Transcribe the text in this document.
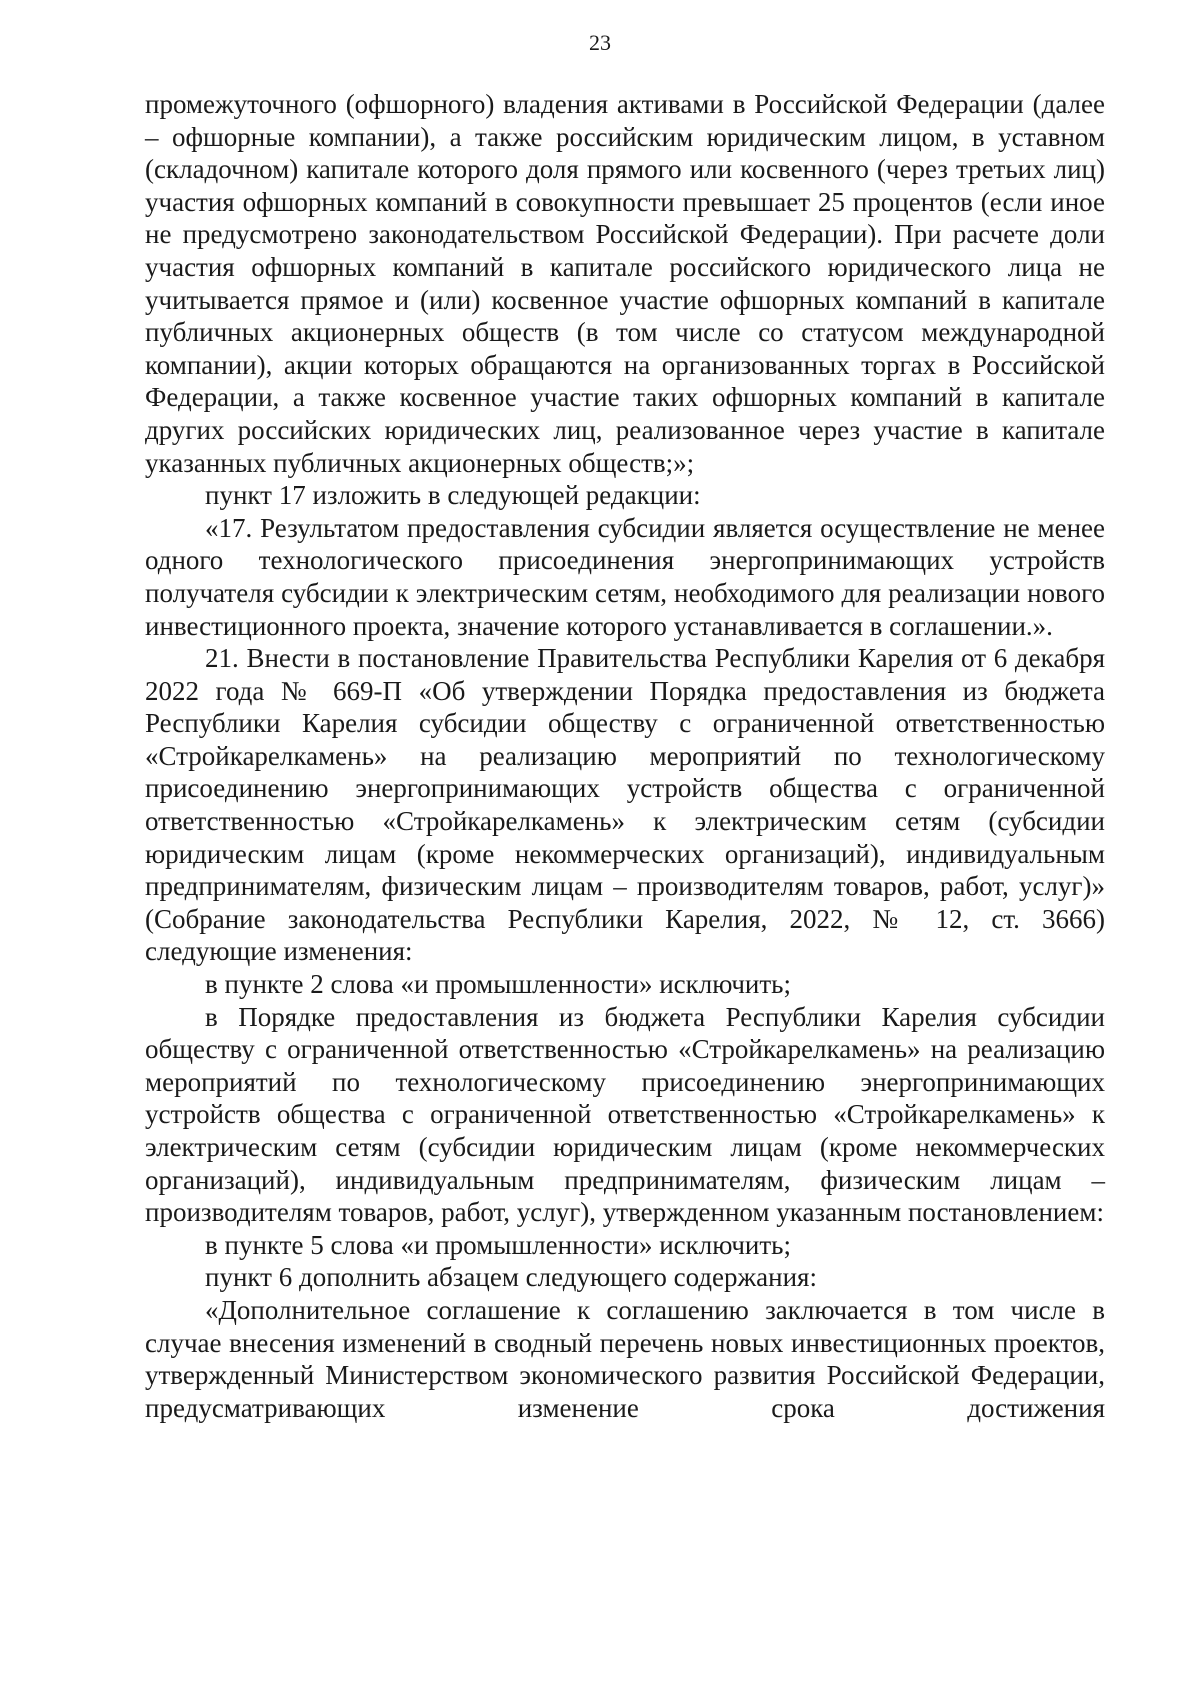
23

промежуточного (офшорного) владения активами в Российской Федерации (далее – офшорные компании), а также российским юридическим лицом, в уставном (складочном) капитале которого доля прямого или косвенного (через третьих лиц) участия офшорных компаний в совокупности превышает 25 процентов (если иное не предусмотрено законодательством Российской Федерации). При расчете доли участия офшорных компаний в капитале российского юридического лица не учитывается прямое и (или) косвенное участие офшорных компаний в капитале публичных акционерных обществ (в том числе со статусом международной компании), акции которых обращаются на организованных торгах в Российской Федерации, а также косвенное участие таких офшорных компаний в капитале других российских юридических лиц, реализованное через участие в капитале указанных публичных акционерных обществ;»;

пункт 17 изложить в следующей редакции:

«17. Результатом предоставления субсидии является осуществление не менее одного технологического присоединения энергопринимающих устройств получателя субсидии к электрическим сетям, необходимого для реализации нового инвестиционного проекта, значение которого устанавливается в соглашении.».

21. Внести в постановление Правительства Республики Карелия от 6 декабря 2022 года № 669-П «Об утверждении Порядка предоставления из бюджета Республики Карелия субсидии обществу с ограниченной ответственностью «Стройкарелкамень» на реализацию мероприятий по технологическому присоединению энергопринимающих устройств общества с ограниченной ответственностью «Стройкарелкамень» к электрическим сетям (субсидии юридическим лицам (кроме некоммерческих организаций), индивидуальным предпринимателям, физическим лицам – производителям товаров, работ, услуг)» (Собрание законодательства Республики Карелия, 2022, № 12, ст. 3666) следующие изменения:

в пункте 2 слова «и промышленности» исключить;

в Порядке предоставления из бюджета Республики Карелия субсидии обществу с ограниченной ответственностью «Стройкарелкамень» на реализацию мероприятий по технологическому присоединению энергопринимающих устройств общества с ограниченной ответственностью «Стройкарелкамень» к электрическим сетям (субсидии юридическим лицам (кроме некоммерческих организаций), индивидуальным предпринимателям, физическим лицам – производителям товаров, работ, услуг), утвержденном указанным постановлением:

в пункте 5 слова «и промышленности» исключить;

пункт 6 дополнить абзацем следующего содержания:

«Дополнительное соглашение к соглашению заключается в том числе в случае внесения изменений в сводный перечень новых инвестиционных проектов, утвержденный Министерством экономического развития Российской Федерации, предусматривающих изменение срока достижения
